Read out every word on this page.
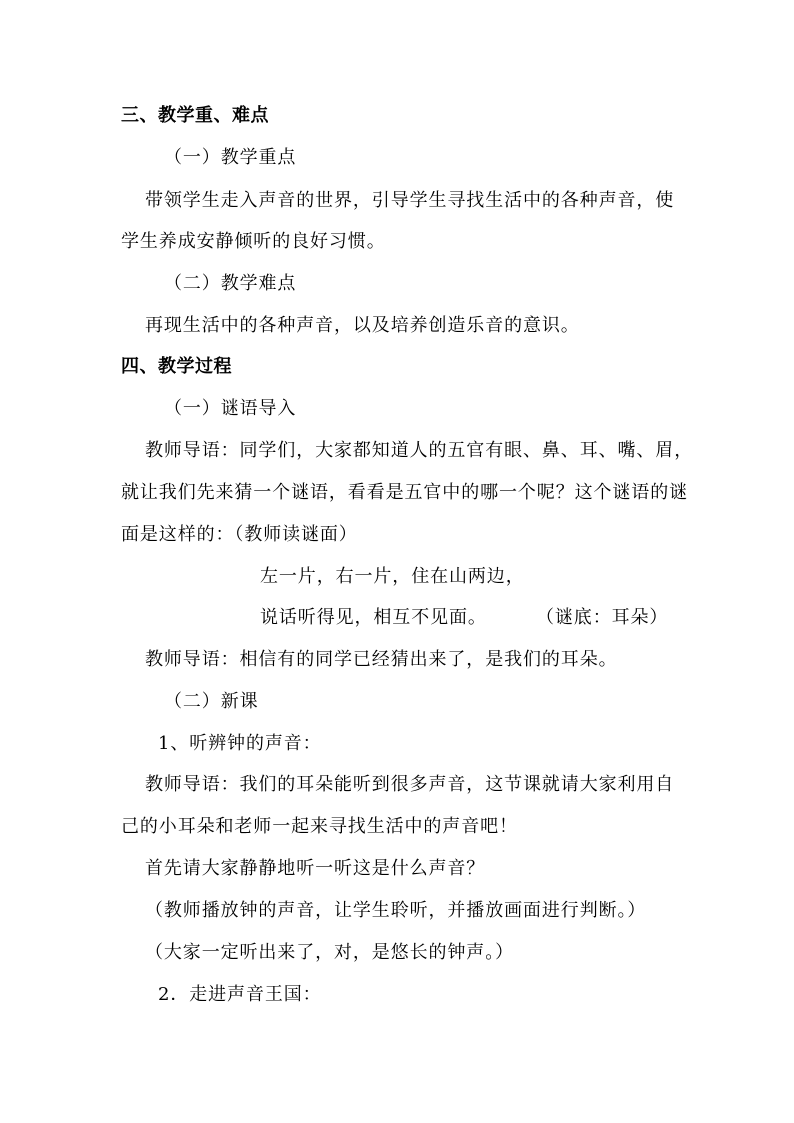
三、教学重、难点
（一）教学重点
带领学生走入声音的世界，引导学生寻找生活中的各种声音，使
学生养成安静倾听的良好习惯。
（二）教学难点
再现生活中的各种声音，以及培养创造乐音的意识。
四、教学过程
（一）谜语导入
教师导语：同学们，大家都知道人的五官有眼、鼻、耳、嘴、眉，
就让我们先来猜一个谜语，看看是五官中的哪一个呢？这个谜语的谜
面是这样的：（教师读谜面）
左一片，右一片，住在山两边，
说话听得见，相互不见面。	（谜底：耳朵）
教师导语：相信有的同学已经猜出来了，是我们的耳朵。
（二）新课
1、听辨钟的声音：
教师导语：我们的耳朵能听到很多声音，这节课就请大家利用自
己的小耳朵和老师一起来寻找生活中的声音吧！
首先请大家静静地听一听这是什么声音？
（教师播放钟的声音，让学生聆听，并播放画面进行判断。）
（大家一定听出来了，对，是悠长的钟声。）
2．走进声音王国：
